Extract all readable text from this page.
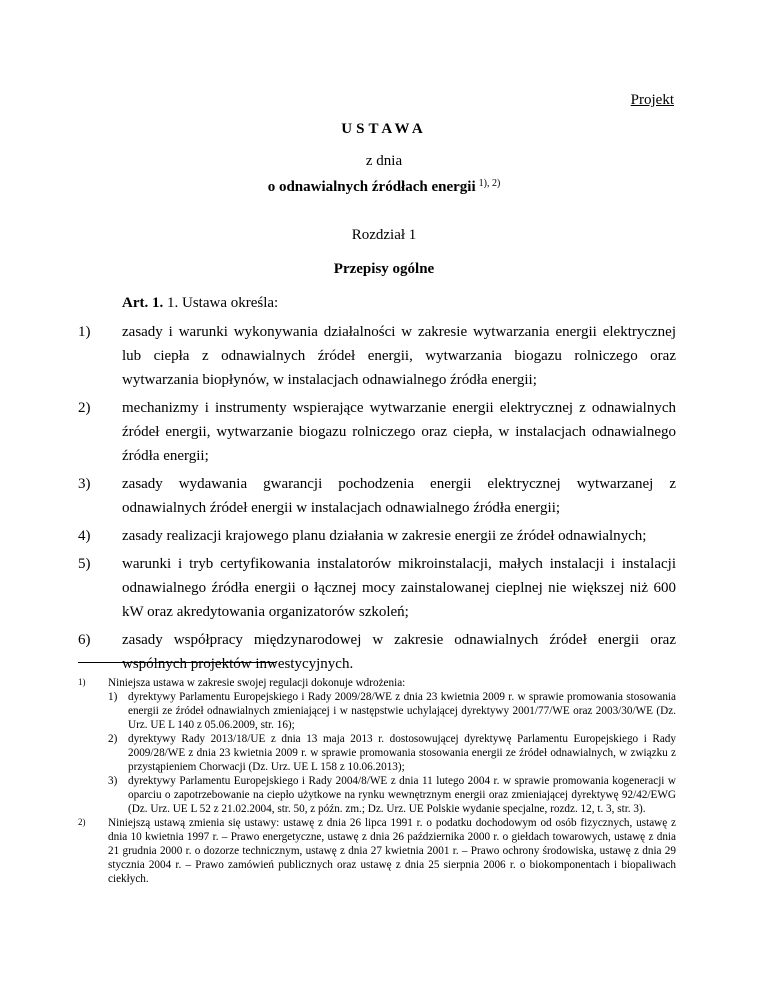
Projekt
USTAWA
z dnia
o odnawialnych źródłach energii $^{1), 2)}$
Rozdział 1
Przepisy ogólne
Art. 1. 1. Ustawa określa:
1) zasady i warunki wykonywania działalności w zakresie wytwarzania energii elektrycznej lub ciepła z odnawialnych źródeł energii, wytwarzania biogazu rolniczego oraz wytwarzania biopłynów, w instalacjach odnawialnego źródła energii;
2) mechanizmy i instrumenty wspierające wytwarzanie energii elektrycznej z odnawialnych źródeł energii, wytwarzanie biogazu rolniczego oraz ciepła, w instalacjach odnawialnego źródła energii;
3) zasady wydawania gwarancji pochodzenia energii elektrycznej wytwarzanej z odnawialnych źródeł energii w instalacjach odnawialnego źródła energii;
4) zasady realizacji krajowego planu działania w zakresie energii ze źródeł odnawialnych;
5) warunki i tryb certyfikowania instalatorów mikroinstalacji, małych instalacji i instalacji odnawialnego źródła energii o łącznej mocy zainstalowanej cieplnej nie większej niż 600 kW oraz akredytowania organizatorów szkoleń;
6) zasady współpracy międzynarodowej w zakresie odnawialnych źródeł energii oraz wspólnych projektów inwestycyjnych.
1) Niniejsza ustawa w zakresie swojej regulacji dokonuje wdrożenia:
1) dyrektywy Parlamentu Europejskiego i Rady 2009/28/WE z dnia 23 kwietnia 2009 r. w sprawie promowania stosowania energii ze źródeł odnawialnych zmieniającej i w następstwie uchylającej dyrektywy 2001/77/WE oraz 2003/30/WE (Dz. Urz. UE L 140 z 05.06.2009, str. 16);
2) dyrektywy Rady 2013/18/UE z dnia 13 maja 2013 r. dostosowującej dyrektywę Parlamentu Europejskiego i Rady 2009/28/WE z dnia 23 kwietnia 2009 r. w sprawie promowania stosowania energii ze źródeł odnawialnych, w związku z przystąpieniem Chorwacji (Dz. Urz. UE L 158 z 10.06.2013);
3) dyrektywy Parlamentu Europejskiego i Rady 2004/8/WE z dnia 11 lutego 2004 r. w sprawie promowania kogeneracji w oparciu o zapotrzebowanie na ciepło użytkowe na rynku wewnętrznym energii oraz zmieniającej dyrektywę 92/42/EWG (Dz. Urz. UE L 52 z 21.02.2004, str. 50, z późn. zm.; Dz. Urz. UE Polskie wydanie specjalne, rozdz. 12, t. 3, str. 3).
2) Niniejszą ustawą zmienia się ustawy: ustawę z dnia 26 lipca 1991 r. o podatku dochodowym od osób fizycznych, ustawę z dnia 10 kwietnia 1997 r. – Prawo energetyczne, ustawę z dnia 26 października 2000 r. o giełdach towarowych, ustawę z dnia 21 grudnia 2000 r. o dozorze technicznym, ustawę z dnia 27 kwietnia 2001 r. – Prawo ochrony środowiska, ustawę z dnia 29 stycznia 2004 r. – Prawo zamówień publicznych oraz ustawę z dnia 25 sierpnia 2006 r. o biokomponentach i biopaliwach ciekłych.
